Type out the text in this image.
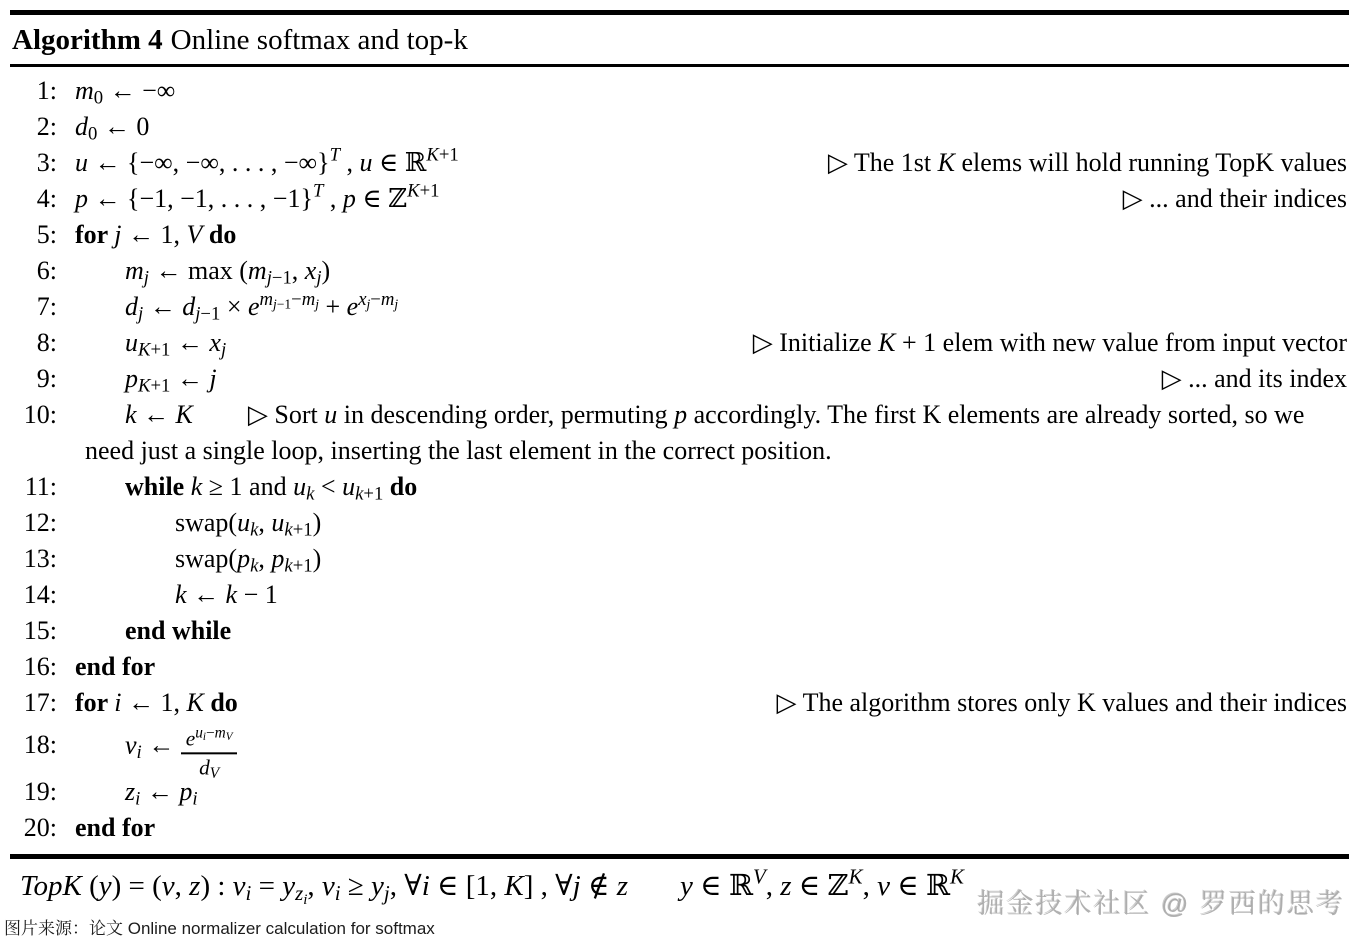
Algorithm 4 Online softmax and top-k
1: $m_0$ ← −∞
2: $d_0$ ← 0
3: u ← {−∞, −∞, . . . , −∞}$^T$ , u ∈ ℝ$^{K+1}$	▷ The 1st K elems will hold running TopK values
4: p ← {−1, −1, . . . , −1}$^T$ , p ∈ ℤ$^{K+1}$	▷ ... and their indices
5: for j ← 1, V do
6:	$m_j$ ← $\max (m_{j-1}$, $x_j$)
7:	$d_j$ ← $d_{j-1} \times e^{m_{j-1}-m_j} + e^{x_j-m_j}$
8:	$u_{K+1}$ ← $x_j$	▷ Initialize K + 1 elem with new value from input vector
9:	$p_{K+1}$ ← j	▷ ... and its index
10:	k ← K ▷ Sort u in descending order, permuting p accordingly. The first K elements are already sorted, so we need just a single loop, inserting the last element in the correct position.
11:	while k ≥ 1 and $u_k < u_{k+1}$ do
12:	$swap(u_k$, $u_{k+1}$)
13:	$swap(p_k$, $p_{k+1}$)
14:	k ← k − 1
15:	end while
16: end for
17: for i ← 1, K do	▷ The algorithm stores only K values and their indices
18:	$v_i$ ← $\frac{e^{u_i-m_V}}{d_V}$
19:	$z_i$ ← $p_i$
20: end for
TopK (y) = (v, z) : $v_i = y_{z_i}$, $v_i \ge y_j$, ∀i ∈ [1, K] , ∀j ∉ z y ∈ ℝ$^V$, z ∈ ℤ$^K$, v ∈ ℝ$^K$
图片来源：论文 Online normalizer calculation for softmax
掘金技术社区 @ 罗西的思考
